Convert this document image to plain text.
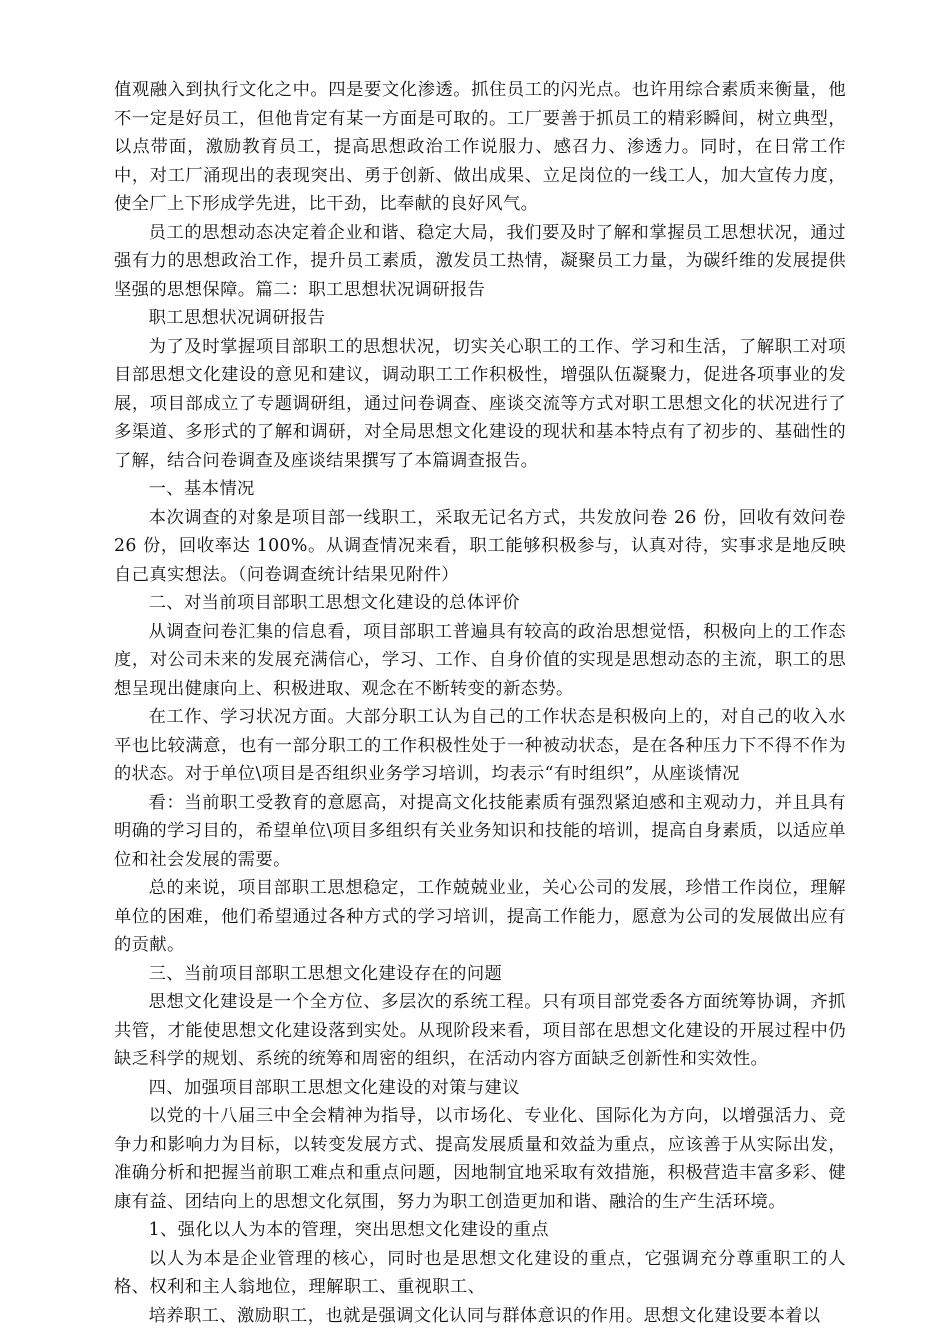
值观融入到执行文化之中。四是要文化渗透。抓住员工的闪光点。也许用综合素质来衡量，他不一定是好员工，但他肯定有某一方面是可取的。工厂要善于抓员工的精彩瞬间，树立典型，以点带面，激励教育员工，提高思想政治工作说服力、感召力、渗透力。同时，在日常工作中，对工厂涌现出的表现突出、勇于创新、做出成果、立足岗位的一线工人，加大宣传力度，使全厂上下形成学先进，比干劲，比奉献的良好风气。

员工的思想动态决定着企业和谐、稳定大局，我们要及时了解和掌握员工思想状况，通过强有力的思想政治工作，提升员工素质，激发员工热情，凝聚员工力量，为碳纤维的发展提供坚强的思想保障。篇二：职工思想状况调研报告

职工思想状况调研报告

为了及时掌握项目部职工的思想状况，切实关心职工的工作、学习和生活，了解职工对项目部思想文化建设的意见和建议，调动职工工作积极性，增强队伍凝聚力，促进各项事业的发展，项目部成立了专题调研组，通过问卷调查、座谈交流等方式对职工思想文化的状况进行了多渠道、多形式的了解和调研，对全局思想文化建设的现状和基本特点有了初步的、基础性的了解，结合问卷调查及座谈结果撰写了本篇调查报告。

一、基本情况

本次调查的对象是项目部一线职工，采取无记名方式，共发放问卷 26 份，回收有效问卷 26 份，回收率达 100%。从调查情况来看，职工能够积极参与，认真对待，实事求是地反映自己真实想法。（问卷调查统计结果见附件）

二、对当前项目部职工思想文化建设的总体评价

从调查问卷汇集的信息看，项目部职工普遍具有较高的政治思想觉悟，积极向上的工作态度，对公司未来的发展充满信心，学习、工作、自身价值的实现是思想动态的主流，职工的思想呈现出健康向上、积极进取、观念在不断转变的新态势。

在工作、学习状况方面。大部分职工认为自己的工作状态是积极向上的，对自己的收入水平也比较满意，也有一部分职工的工作积极性处于一种被动状态，是在各种压力下不得不作为的状态。对于单位\项目是否组织业务学习培训，均表示“有时组织”，从座谈情况

看：当前职工受教育的意愿高，对提高文化技能素质有强烈紧迫感和主观动力，并且具有明确的学习目的，希望单位\项目多组织有关业务知识和技能的培训，提高自身素质，以适应单位和社会发展的需要。

总的来说，项目部职工思想稳定，工作兢兢业业，关心公司的发展，珍惜工作岗位，理解单位的困难，他们希望通过各种方式的学习培训，提高工作能力，愿意为公司的发展做出应有的贡献。

三、当前项目部职工思想文化建设存在的问题

思想文化建设是一个全方位、多层次的系统工程。只有项目部党委各方面统筹协调，齐抓共管，才能使思想文化建设落到实处。从现阶段来看，项目部在思想文化建设的开展过程中仍缺乏科学的规划、系统的统筹和周密的组织，在活动内容方面缺乏创新性和实效性。

四、加强项目部职工思想文化建设的对策与建议

以党的十八届三中全会精神为指导，以市场化、专业化、国际化为方向，以增强活力、竞争力和影响力为目标，以转变发展方式、提高发展质量和效益为重点，应该善于从实际出发，准确分析和把握当前职工难点和重点问题，因地制宜地采取有效措施，积极营造丰富多彩、健康有益、团结向上的思想文化氛围，努力为职工创造更加和谐、融洽的生产生活环境。

1、强化以人为本的管理，突出思想文化建设的重点

以人为本是企业管理的核心，同时也是思想文化建设的重点，它强调充分尊重职工的人格、权利和主人翁地位，理解职工、重视职工、

培养职工、激励职工，也就是强调文化认同与群体意识的作用。思想文化建设要本着以
